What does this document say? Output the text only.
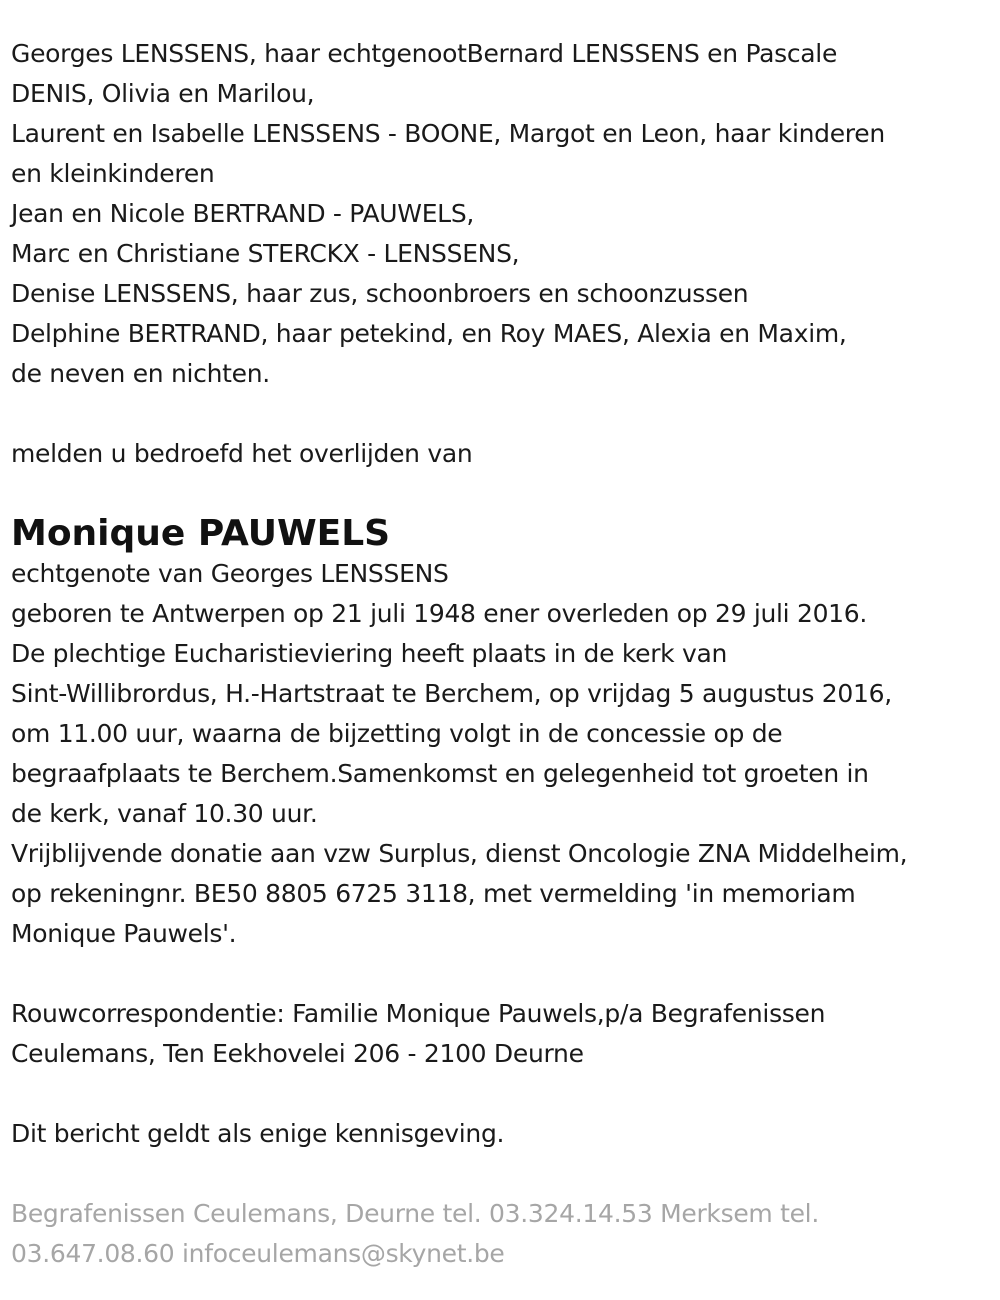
Georges LENSSENS, haar echtgenootBernard LENSSENS en Pascale
DENIS, Olivia en Marilou,
Laurent en Isabelle LENSSENS - BOONE, Margot en Leon, haar kinderen
en kleinkinderen
Jean en Nicole BERTRAND - PAUWELS,
Marc en Christiane STERCKX - LENSSENS,
Denise LENSSENS, haar zus, schoonbroers en schoonzussen
Delphine BERTRAND, haar petekind, en Roy MAES, Alexia en Maxim,
de neven en nichten.
melden u bedroefd het overlijden van
Monique PAUWELS
echtgenote van Georges LENSSENS
geboren te Antwerpen op 21 juli 1948 ener overleden op 29 juli 2016.
De plechtige Eucharistieviering heeft plaats in de kerk van
Sint-Willibrordus, H.-Hartstraat te Berchem, op vrijdag 5 augustus 2016,
om 11.00 uur, waarna de bijzetting volgt in de concessie op de
begraafplaats te Berchem.Samenkomst en gelegenheid tot groeten in
de kerk, vanaf 10.30 uur.
Vrijblijvende donatie aan vzw Surplus, dienst Oncologie ZNA Middelheim,
op rekeningnr. BE50 8805 6725 3118, met vermelding 'in memoriam
Monique Pauwels'.
Rouwcorrespondentie: Familie Monique Pauwels,p/a Begrafenissen
Ceulemans, Ten Eekhovelei 206 - 2100 Deurne
Dit bericht geldt als enige kennisgeving.
Begrafenissen Ceulemans, Deurne tel. 03.324.14.53 Merksem tel.
03.647.08.60 infoceulemans@skynet.be
